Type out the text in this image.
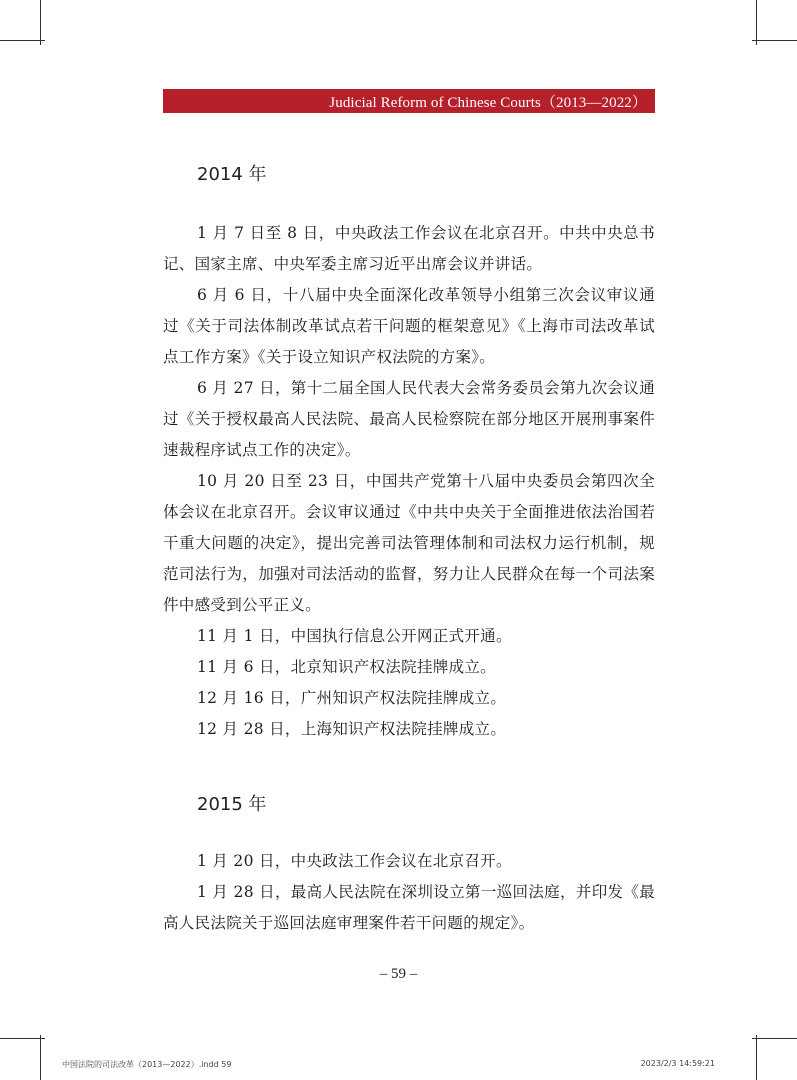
Judicial Reform of Chinese Courts（2013—2022）
2014 年

1 月 7 日至 8 日，中央政法工作会议在北京召开。中共中央总书记、国家主席、中央军委主席习近平出席会议并讲话。

6 月 6 日，十八届中央全面深化改革领导小组第三次会议审议通过《关于司法体制改革试点若干问题的框架意见》《上海市司法改革试点工作方案》《关于设立知识产权法院的方案》。

6 月 27 日，第十二届全国人民代表大会常务委员会第九次会议通过《关于授权最高人民法院、最高人民检察院在部分地区开展刑事案件速裁程序试点工作的决定》。

10 月 20 日至 23 日，中国共产党第十八届中央委员会第四次全体会议在北京召开。会议审议通过《中共中央关于全面推进依法治国若干重大问题的决定》，提出完善司法管理体制和司法权力运行机制，规范司法行为，加强对司法活动的监督，努力让人民群众在每一个司法案件中感受到公平正义。

11 月 1 日，中国执行信息公开网正式开通。

11 月 6 日，北京知识产权法院挂牌成立。

12 月 16 日，广州知识产权法院挂牌成立。

12 月 28 日，上海知识产权法院挂牌成立。

2015 年

1 月 20 日，中央政法工作会议在北京召开。

1 月 28 日，最高人民法院在深圳设立第一巡回法庭，并印发《最高人民法院关于巡回法庭审理案件若干问题的规定》。

– 59 –
中国法院的司法改革（2013—2022）.indd 59	2023/2/3 14:59:21
